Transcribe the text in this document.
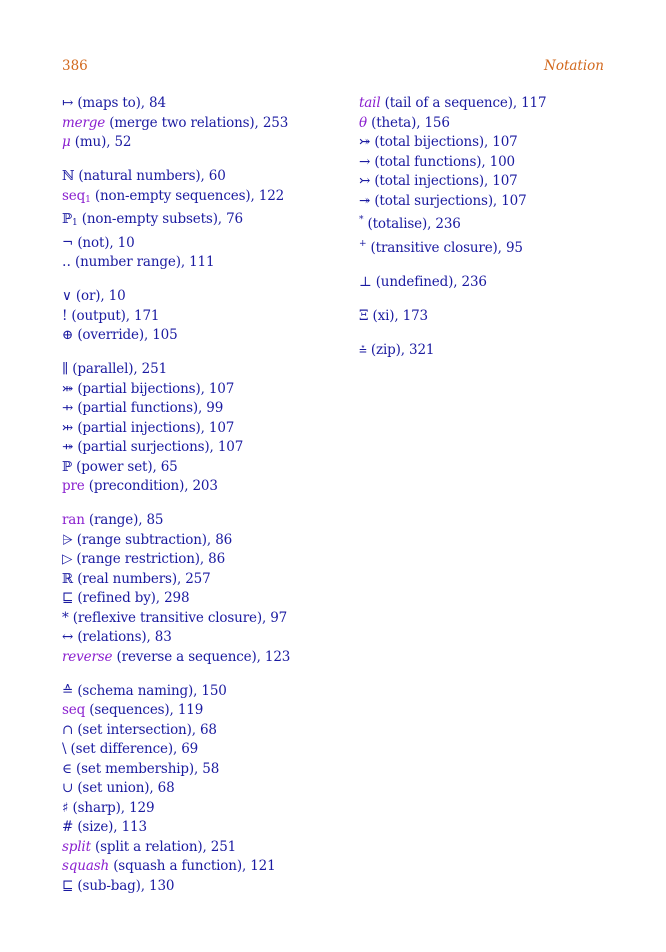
386	Notation
↦ (maps to), 84
merge (merge two relations), 253
μ (mu), 52
ℕ (natural numbers), 60
seq$_1$ (non-empty sequences), 122
ℙ$_1$ (non-empty subsets), 76
¬ (not), 10
‥ (number range), 111
∨ (or), 10
! (output), 171
⊕ (override), 105
∥ (parallel), 251
⤗ (partial bijections), 107
⇸ (partial functions), 99
⤔ (partial injections), 107
⤀ (partial surjections), 107
ℙ (power set), 65
pre (precondition), 203
ran (range), 85
⩥ (range subtraction), 86
▷ (range restriction), 86
ℝ (real numbers), 257
⊑ (refined by), 298
* (reflexive transitive closure), 97
↔ (relations), 83
reverse (reverse a sequence), 123
≙ (schema naming), 150
seq (sequences), 119
∩ (set intersection), 68
\ (set difference), 69
∈ (set membership), 58
∪ (set union), 68
♯ (sharp), 129
# (size), 113
split (split a relation), 251
squash (squash a function), 121
⊑ (sub-bag), 130
tail (tail of a sequence), 117
θ (theta), 156
⤖ (total bijections), 107
→ (total functions), 100
↣ (total injections), 107
↠ (total surjections), 107
* (totalise), 236
+ (transitive closure), 95
⊥ (undefined), 236
Ξ (xi), 173
⩮ (zip), 321
